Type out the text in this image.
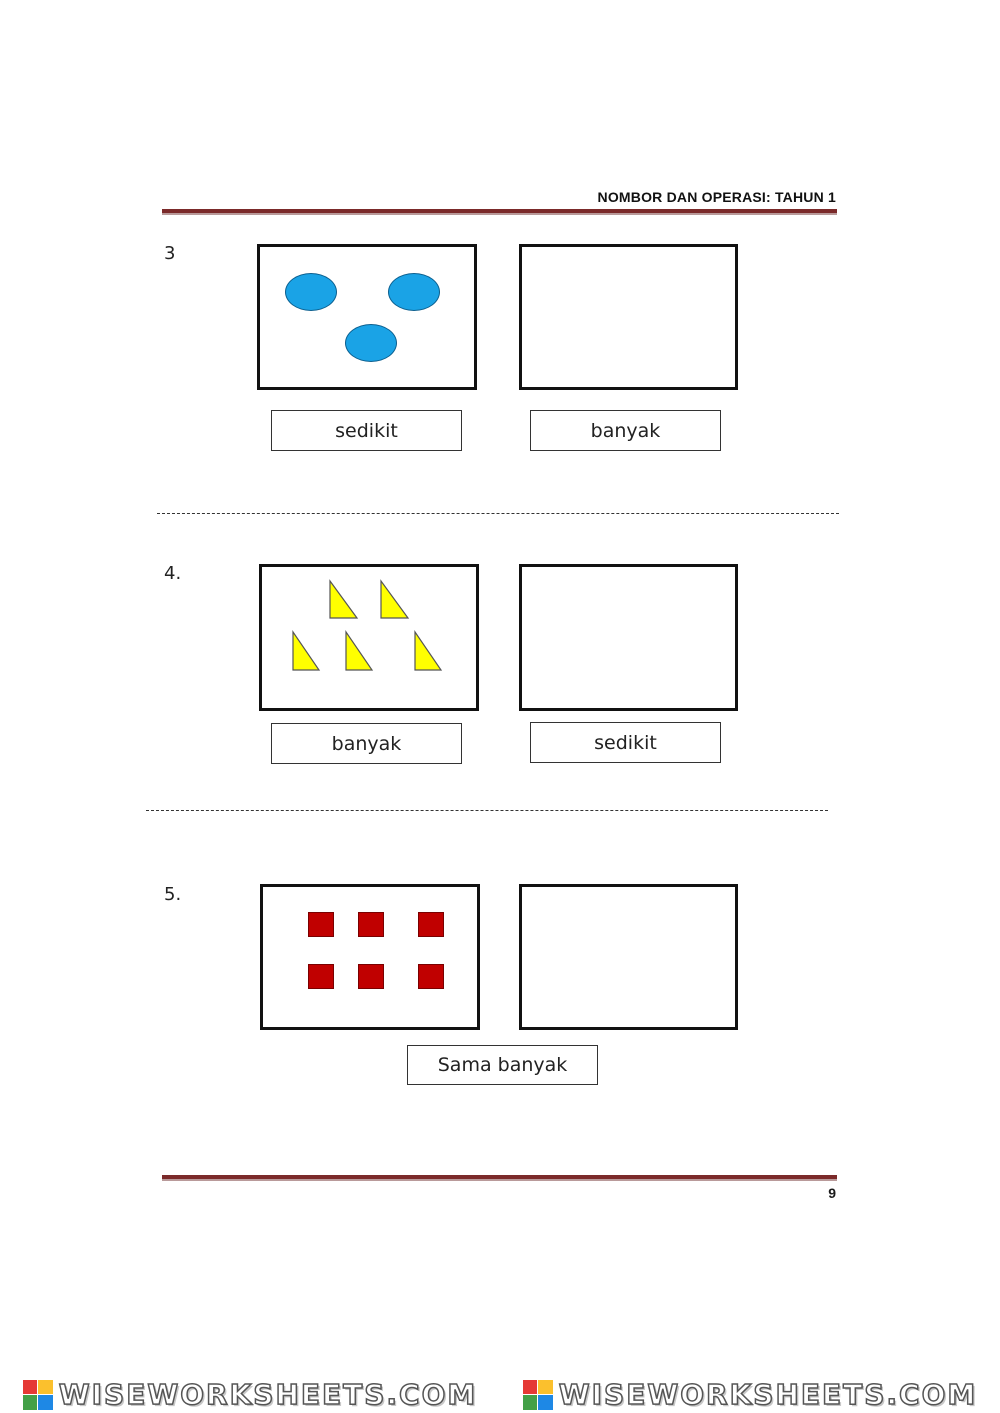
NOMBOR DAN OPERASI: TAHUN 1
3
sedikit	banyak
4.
banyak	sedikit
5.
Sama banyak
9
WISEWORKSHEETS.COM	WISEWORKSHEETS.COM
